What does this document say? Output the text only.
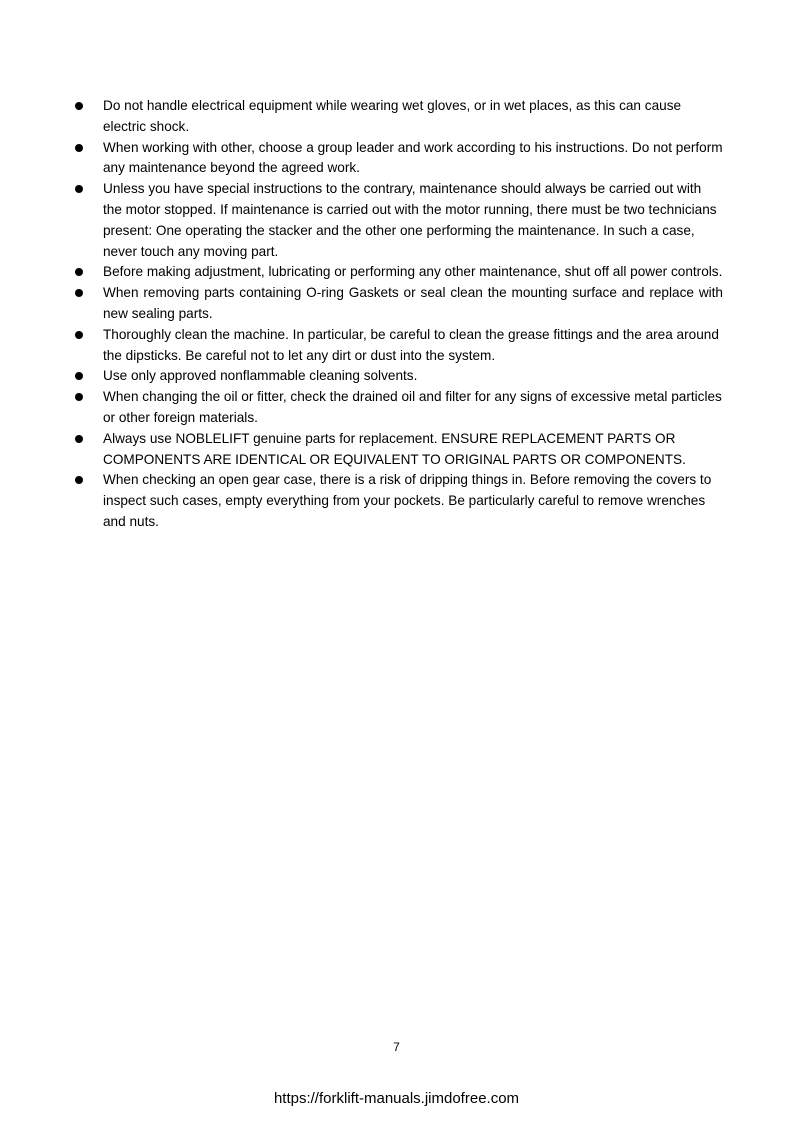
Do not handle electrical equipment while wearing wet gloves, or in wet places, as this can cause electric shock.
When working with other, choose a group leader and work according to his instructions. Do not perform any maintenance beyond the agreed work.
Unless you have special instructions to the contrary, maintenance should always be carried out with the motor stopped. If maintenance is carried out with the motor running, there must be two technicians present: One operating the stacker and the other one performing the maintenance. In such a case, never touch any moving part.
Before making adjustment, lubricating or performing any other maintenance, shut off all power controls.
When removing parts containing O-ring Gaskets or seal clean the mounting surface and replace with new sealing parts.
Thoroughly clean the machine. In particular, be careful to clean the grease fittings and the area around the dipsticks. Be careful not to let any dirt or dust into the system.
Use only approved nonflammable cleaning solvents.
When changing the oil or fitter, check the drained oil and filter for any signs of excessive metal particles or other foreign materials.
Always use NOBLELIFT genuine parts for replacement. ENSURE REPLACEMENT PARTS OR COMPONENTS ARE IDENTICAL OR EQUIVALENT TO ORIGINAL PARTS OR COMPONENTS.
When checking an open gear case, there is a risk of dripping things in. Before removing the covers to inspect such cases, empty everything from your pockets. Be particularly careful to remove wrenches and nuts.
7
https://forklift-manuals.jimdofree.com
